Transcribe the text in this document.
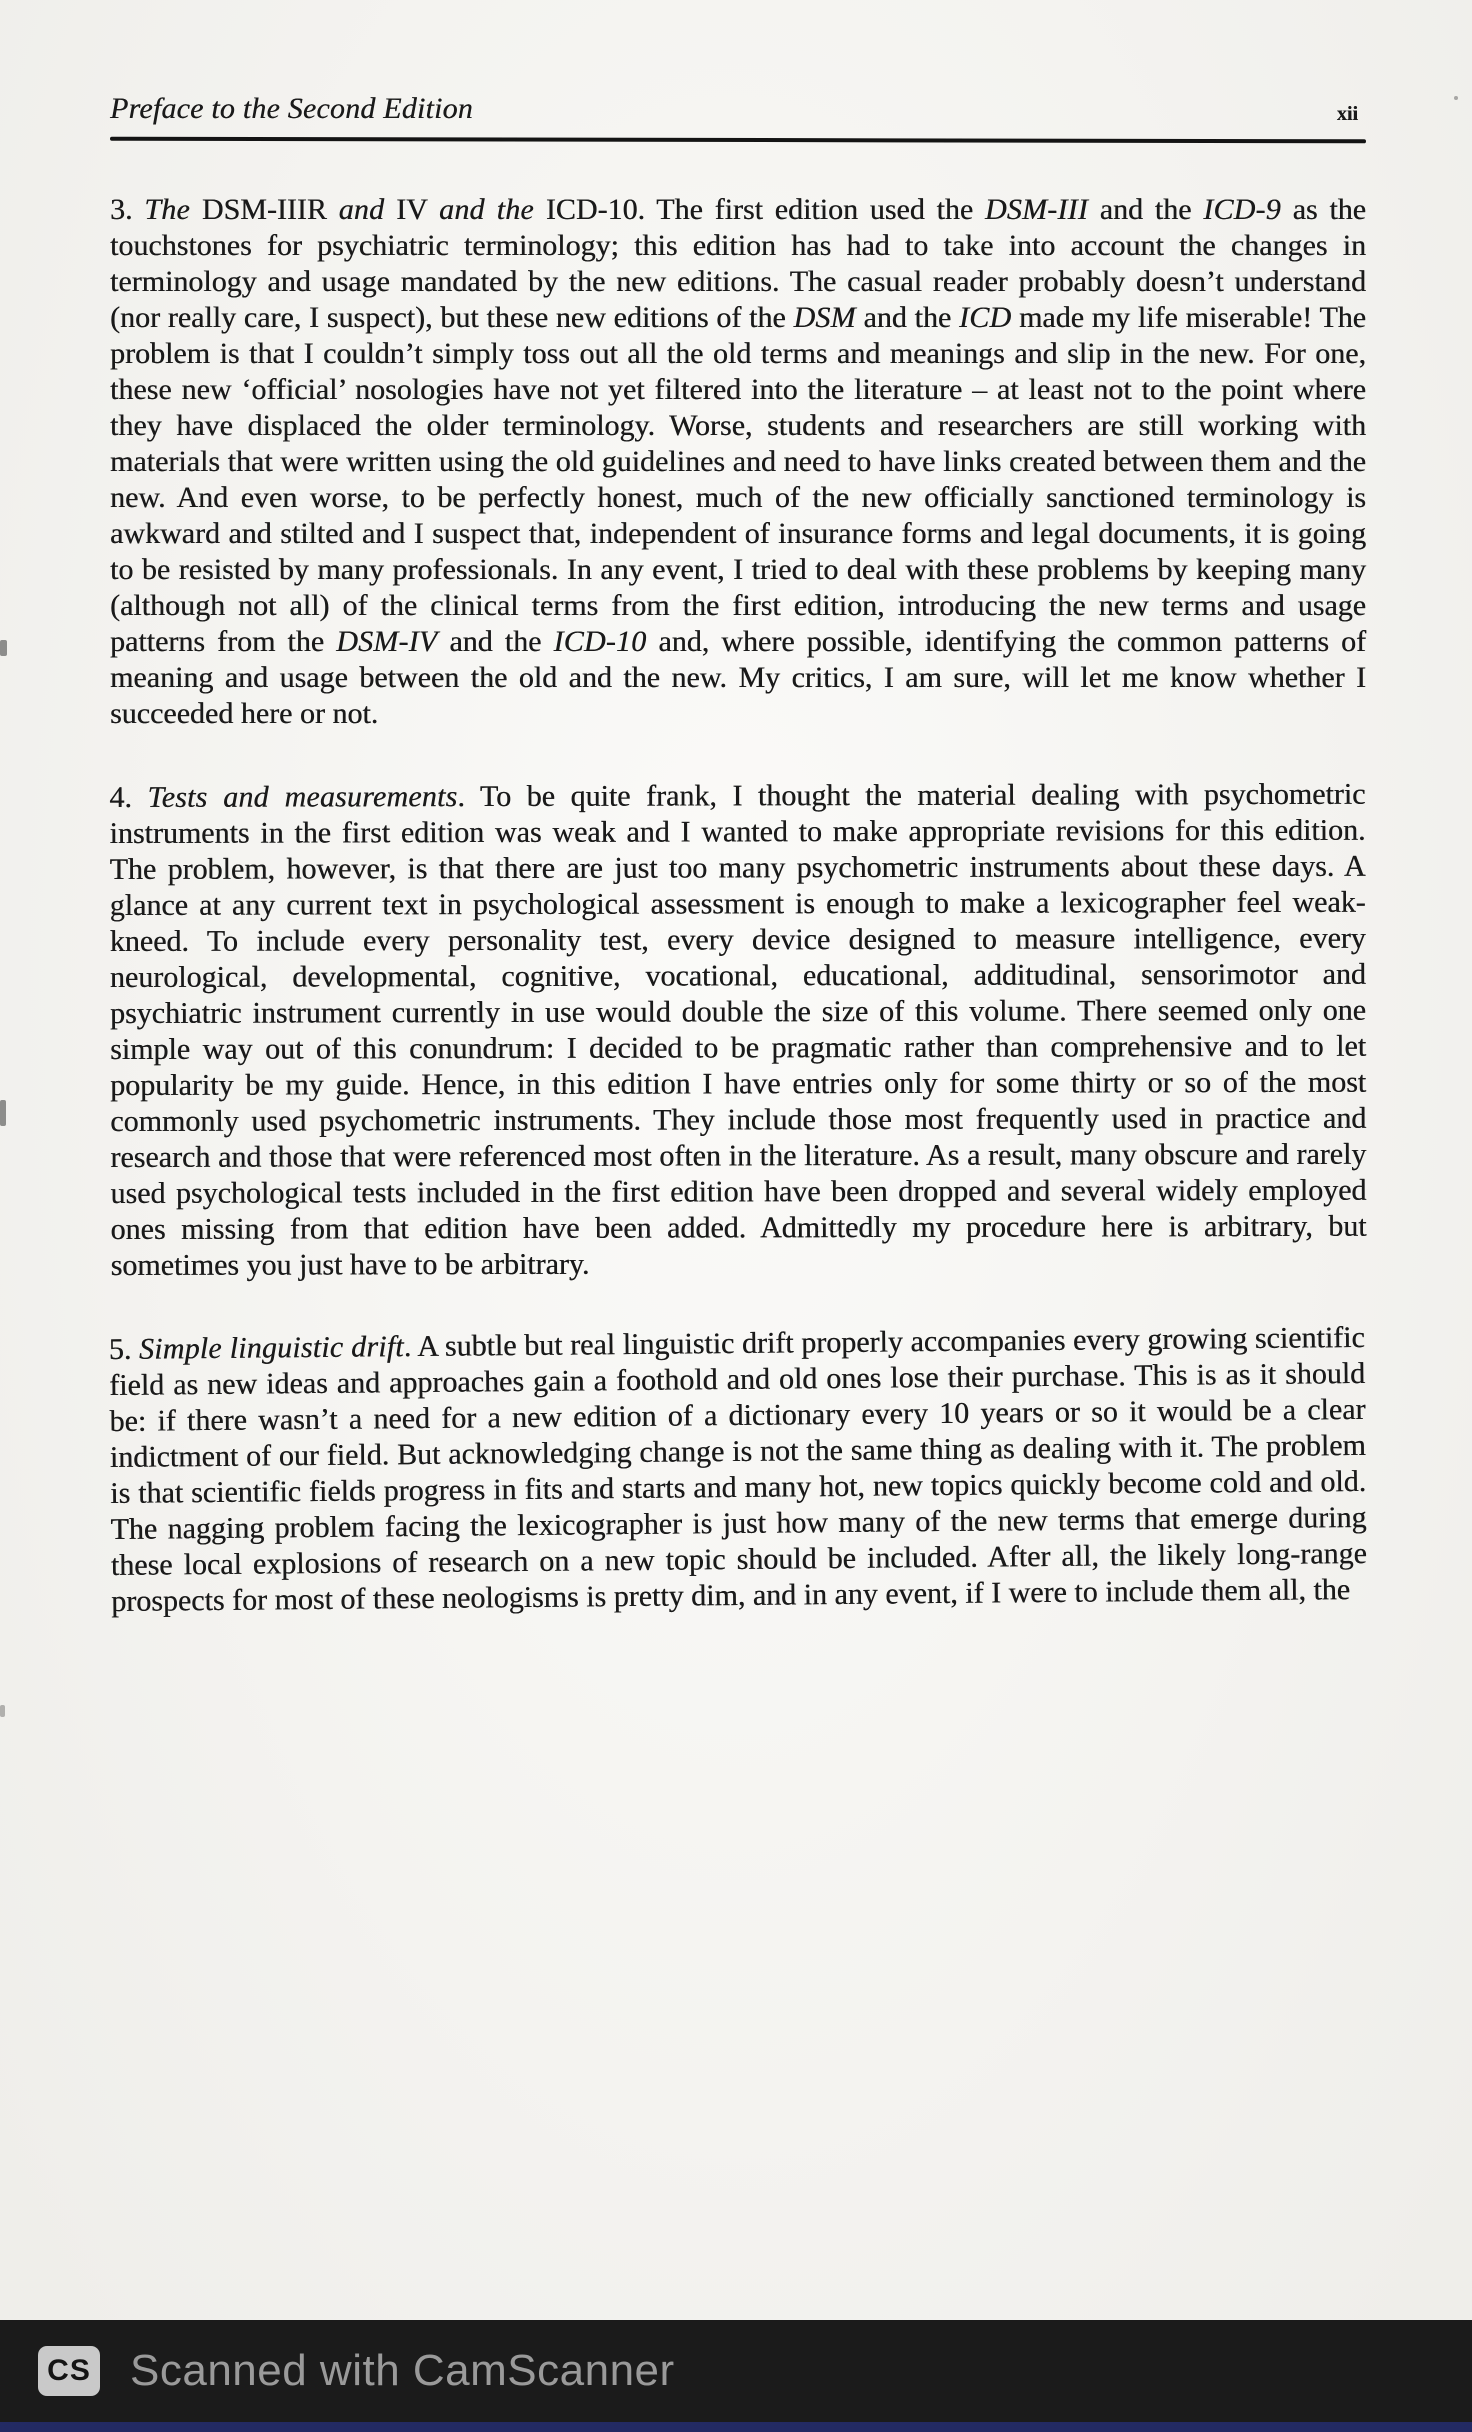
Preface to the Second Edition	xii

3. The DSM-IIIR and IV and the ICD-10. The first edition used the DSM-III and the ICD-9 as the touchstones for psychiatric terminology; this edition has had to take into account the changes in terminology and usage mandated by the new editions. The casual reader probably doesn’t understand (nor really care, I suspect), but these new editions of the DSM and the ICD made my life miserable! The problem is that I couldn’t simply toss out all the old terms and meanings and slip in the new. For one, these new ‘official’ nosologies have not yet filtered into the literature – at least not to the point where they have displaced the older terminology. Worse, students and researchers are still working with materials that were written using the old guidelines and need to have links created between them and the new. And even worse, to be perfectly honest, much of the new officially sanctioned terminology is awkward and stilted and I suspect that, independent of insurance forms and legal documents, it is going to be resisted by many professionals. In any event, I tried to deal with these problems by keeping many (although not all) of the clinical terms from the first edition, introducing the new terms and usage patterns from the DSM-IV and the ICD-10 and, where possible, identifying the common patterns of meaning and usage between the old and the new. My critics, I am sure, will let me know whether I succeeded here or not.

4. Tests and measurements. To be quite frank, I thought the material dealing with psychometric instruments in the first edition was weak and I wanted to make appropriate revisions for this edition. The problem, however, is that there are just too many psychometric instruments about these days. A glance at any current text in psychological assessment is enough to make a lexicographer feel weak-kneed. To include every personality test, every device designed to measure intelligence, every neurological, developmental, cognitive, vocational, educational, additudinal, sensorimotor and psychiatric instrument currently in use would double the size of this volume. There seemed only one simple way out of this conundrum: I decided to be pragmatic rather than comprehensive and to let popularity be my guide. Hence, in this edition I have entries only for some thirty or so of the most commonly used psychometric instruments. They include those most frequently used in practice and research and those that were referenced most often in the literature. As a result, many obscure and rarely used psychological tests included in the first edition have been dropped and several widely employed ones missing from that edition have been added. Admittedly my procedure here is arbitrary, but sometimes you just have to be arbitrary.

5. Simple linguistic drift. A subtle but real linguistic drift properly accompanies every growing scientific field as new ideas and approaches gain a foothold and old ones lose their purchase. This is as it should be: if there wasn’t a need for a new edition of a dictionary every 10 years or so it would be a clear indictment of our field. But acknowledging change is not the same thing as dealing with it. The problem is that scientific fields progress in fits and starts and many hot, new topics quickly become cold and old. The nagging problem facing the lexicographer is just how many of the new terms that emerge during these local explosions of research on a new topic should be included. After all, the likely long-range prospects for most of these neologisms is pretty dim, and in any event, if I were to include them all, the

CS Scanned with CamScanner
